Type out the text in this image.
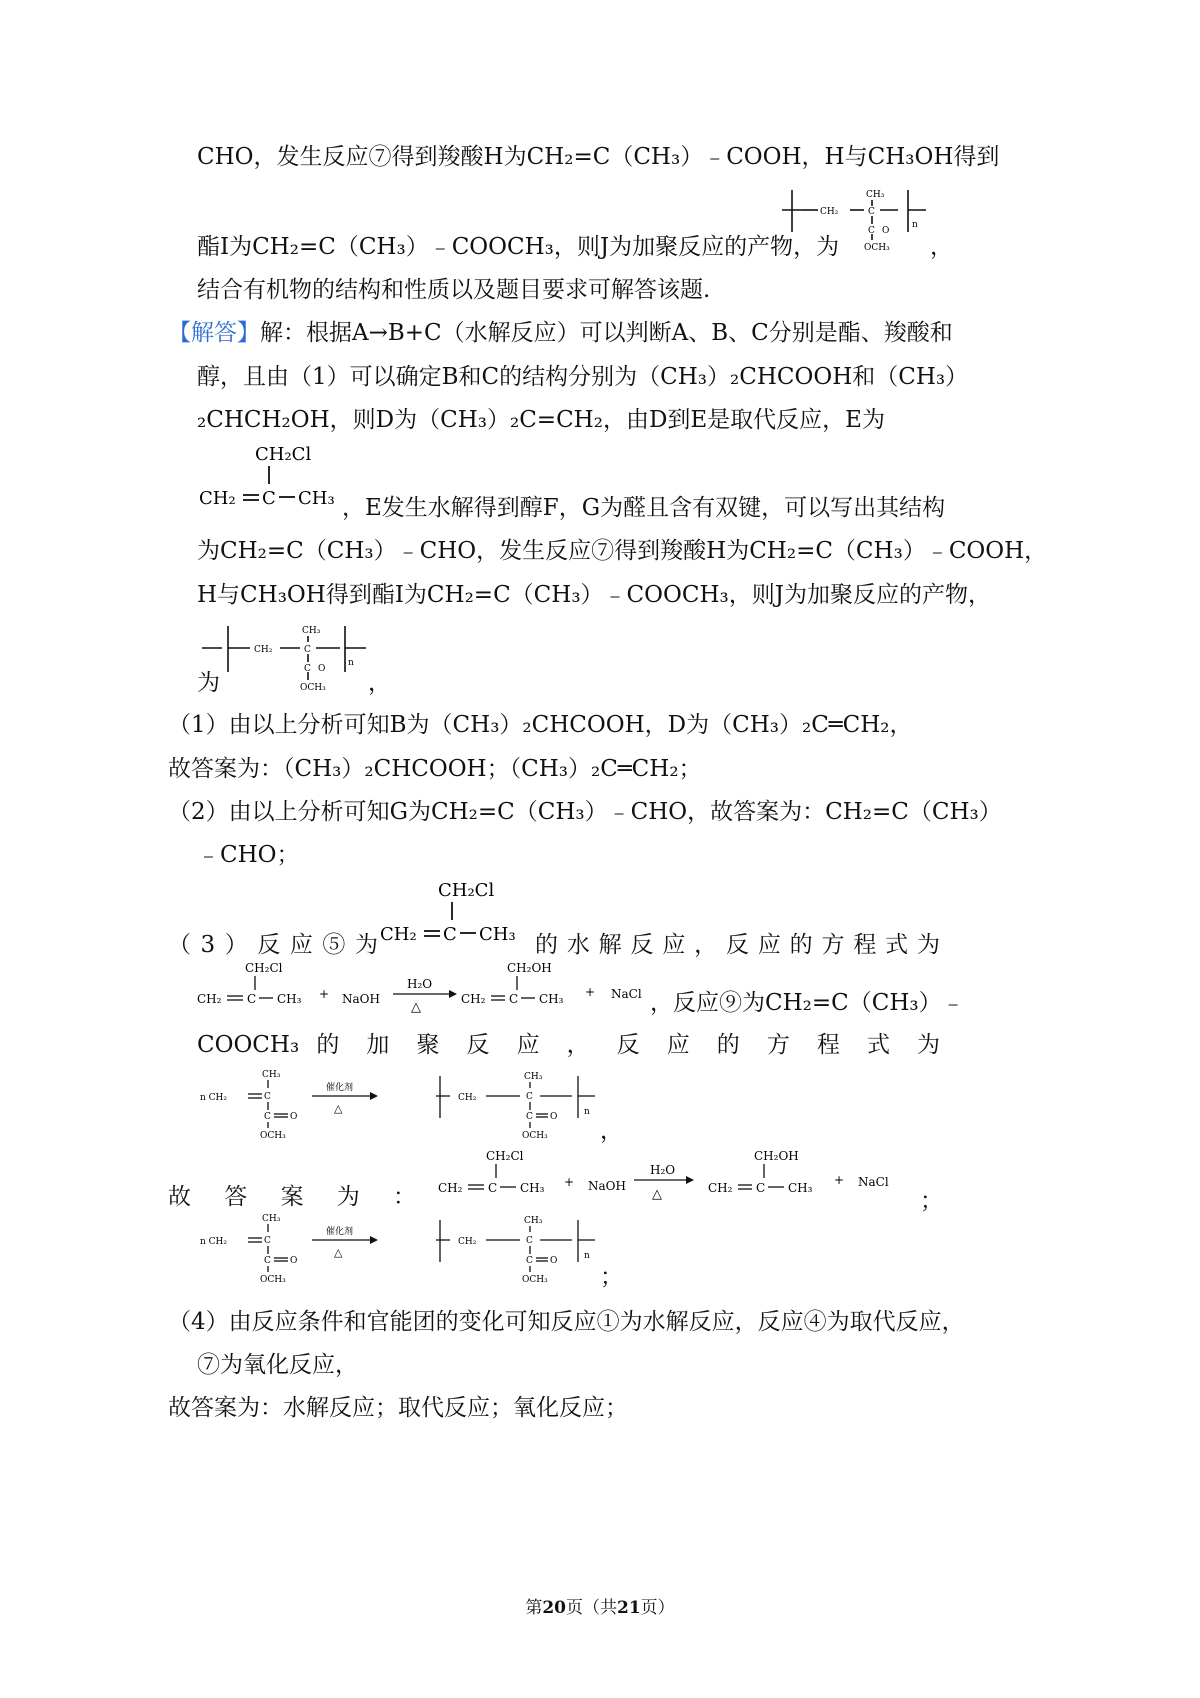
CHO，发生反应⑦得到羧酸H为CH₂=C（CH₃）﹣COOH，H与CH₃OH得到
CH₂
CH₃
C
C O
OCH₃
n
酯I为CH₂=C（CH₃）﹣COOCH₃，则J为加聚反应的产物，为	，
结合有机物的结构和性质以及题目要求可解答该题.
【解答】解：根据A→B+C（水解反应）可以判断A、B、C分别是酯、羧酸和
醇，且由（1）可以确定B和C的结构分别为（CH₃）₂CHCOOH和（CH₃）
₂CHCH₂OH，则D为（CH₃）₂C=CH₂，由D到E是取代反应，E为
CH₂Cl
CH₂ C CH₃ ，E发生水解得到醇F，G为醛且含有双键，可以写出其结构
为CH₂=C（CH₃）﹣CHO，发生反应⑦得到羧酸H为CH₂=C（CH₃）﹣COOH，
H与CH₃OH得到酯I为CH₂=C（CH₃）﹣COOCH₃，则J为加聚反应的产物，
CH₂
CH₃
C
C O
OCH₃
n
为	，
（1）由以上分析可知B为（CH₃）₂CHCOOH，D为（CH₃）₂C═CH₂，
故答案为：（CH₃）₂CHCOOH；（CH₃）₂C═CH₂；
（2）由以上分析可知G为CH₂=C（CH₃）﹣CHO，故答案为：CH₂=C（CH₃）
﹣CHO；
CH₂Cl
CH₂ C CH₃
（3）反应⑤为	的水解反应，反应的方程式为
CH₂Cl
CH₂ C CH₃ + NaOH
H₂O
△
CH₂OH
CH₂ C CH₃ + NaCl ，反应⑨为CH₂=C（CH₃）﹣
COOCH₃ 的 加 聚 反 应 ， 反 应 的 方 程 式 为
n CH₂
CH₃
C
C O
OCH₃
催化剂
△
CH₂
CH₃
C
C O
OCH₃
n
，
故 答 案 为 ：
CH₂Cl
CH₂ C CH₃ + NaOH
H₂O
△
CH₂OH
CH₂ C CH₃
+ NaCl
；
n CH₂
CH₃
C
C O
OCH₃
催化剂
△
CH₂
CH₃
C
C O
OCH₃
n
；
（4）由反应条件和官能团的变化可知反应①为水解反应，反应④为取代反应，
⑦为氧化反应，
故答案为：水解反应；取代反应；氧化反应；
第20页（共21页）
